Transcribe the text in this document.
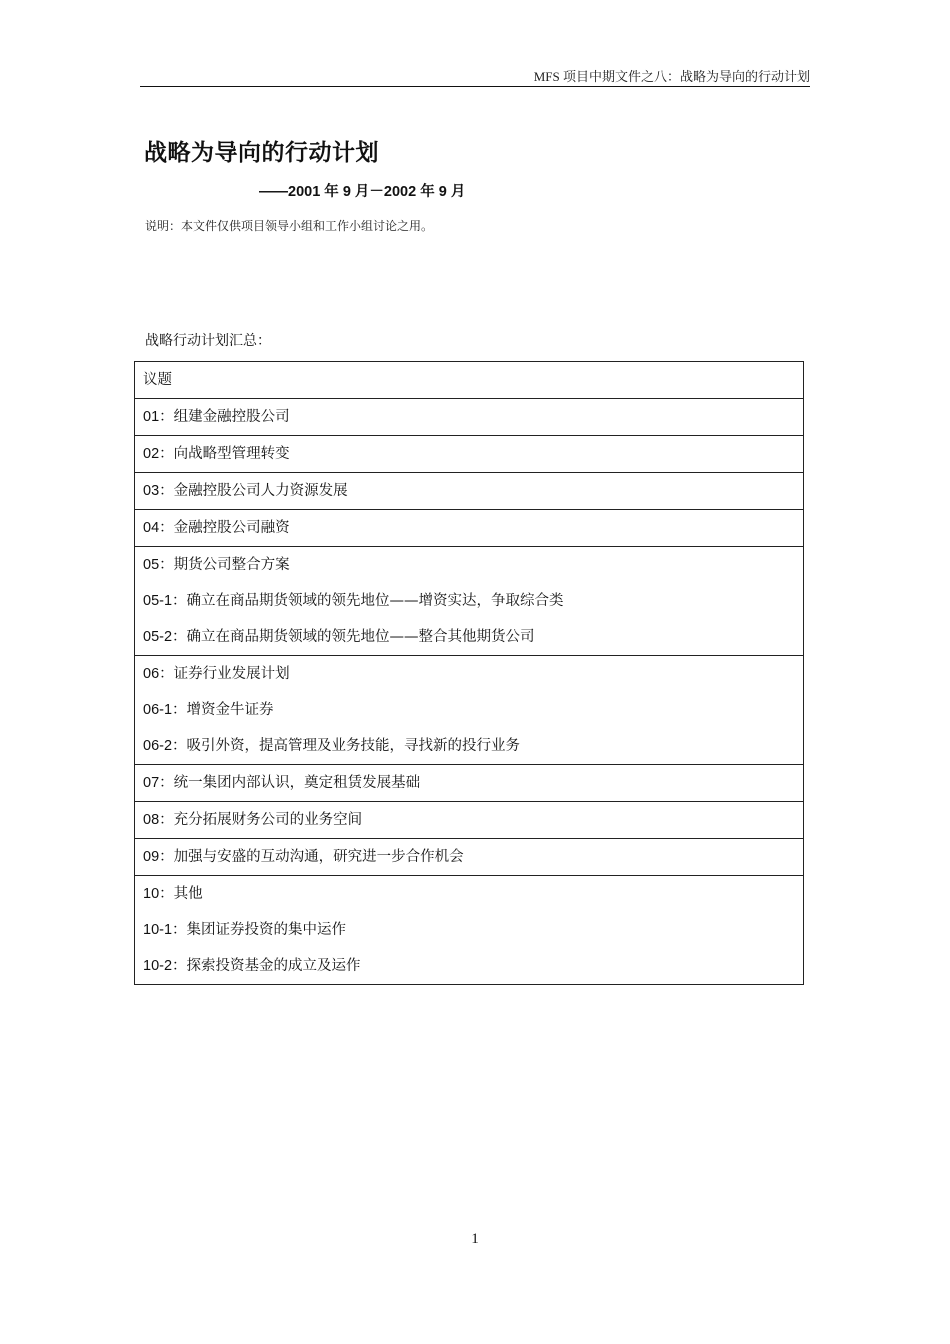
MFS 项目中期文件之八：战略为导向的行动计划
战略为导向的行动计划
——2001 年 9 月－2002 年 9 月
说明：本文件仅供项目领导小组和工作小组讨论之用。
战略行动计划汇总：
议题

01：组建金融控股公司

02：向战略型管理转变

03：金融控股公司人力资源发展

04：金融控股公司融资

05：期货公司整合方案
05-1：确立在商品期货领域的领先地位——增资实达，争取综合类
05-2：确立在商品期货领域的领先地位——整合其他期货公司

06：证券行业发展计划
06-1：增资金牛证券
06-2：吸引外资，提高管理及业务技能，寻找新的投行业务

07：统一集团内部认识，奠定租赁发展基础

08：充分拓展财务公司的业务空间

09：加强与安盛的互动沟通，研究进一步合作机会

10：其他
10-1：集团证券投资的集中运作
10-2：探索投资基金的成立及运作
1
